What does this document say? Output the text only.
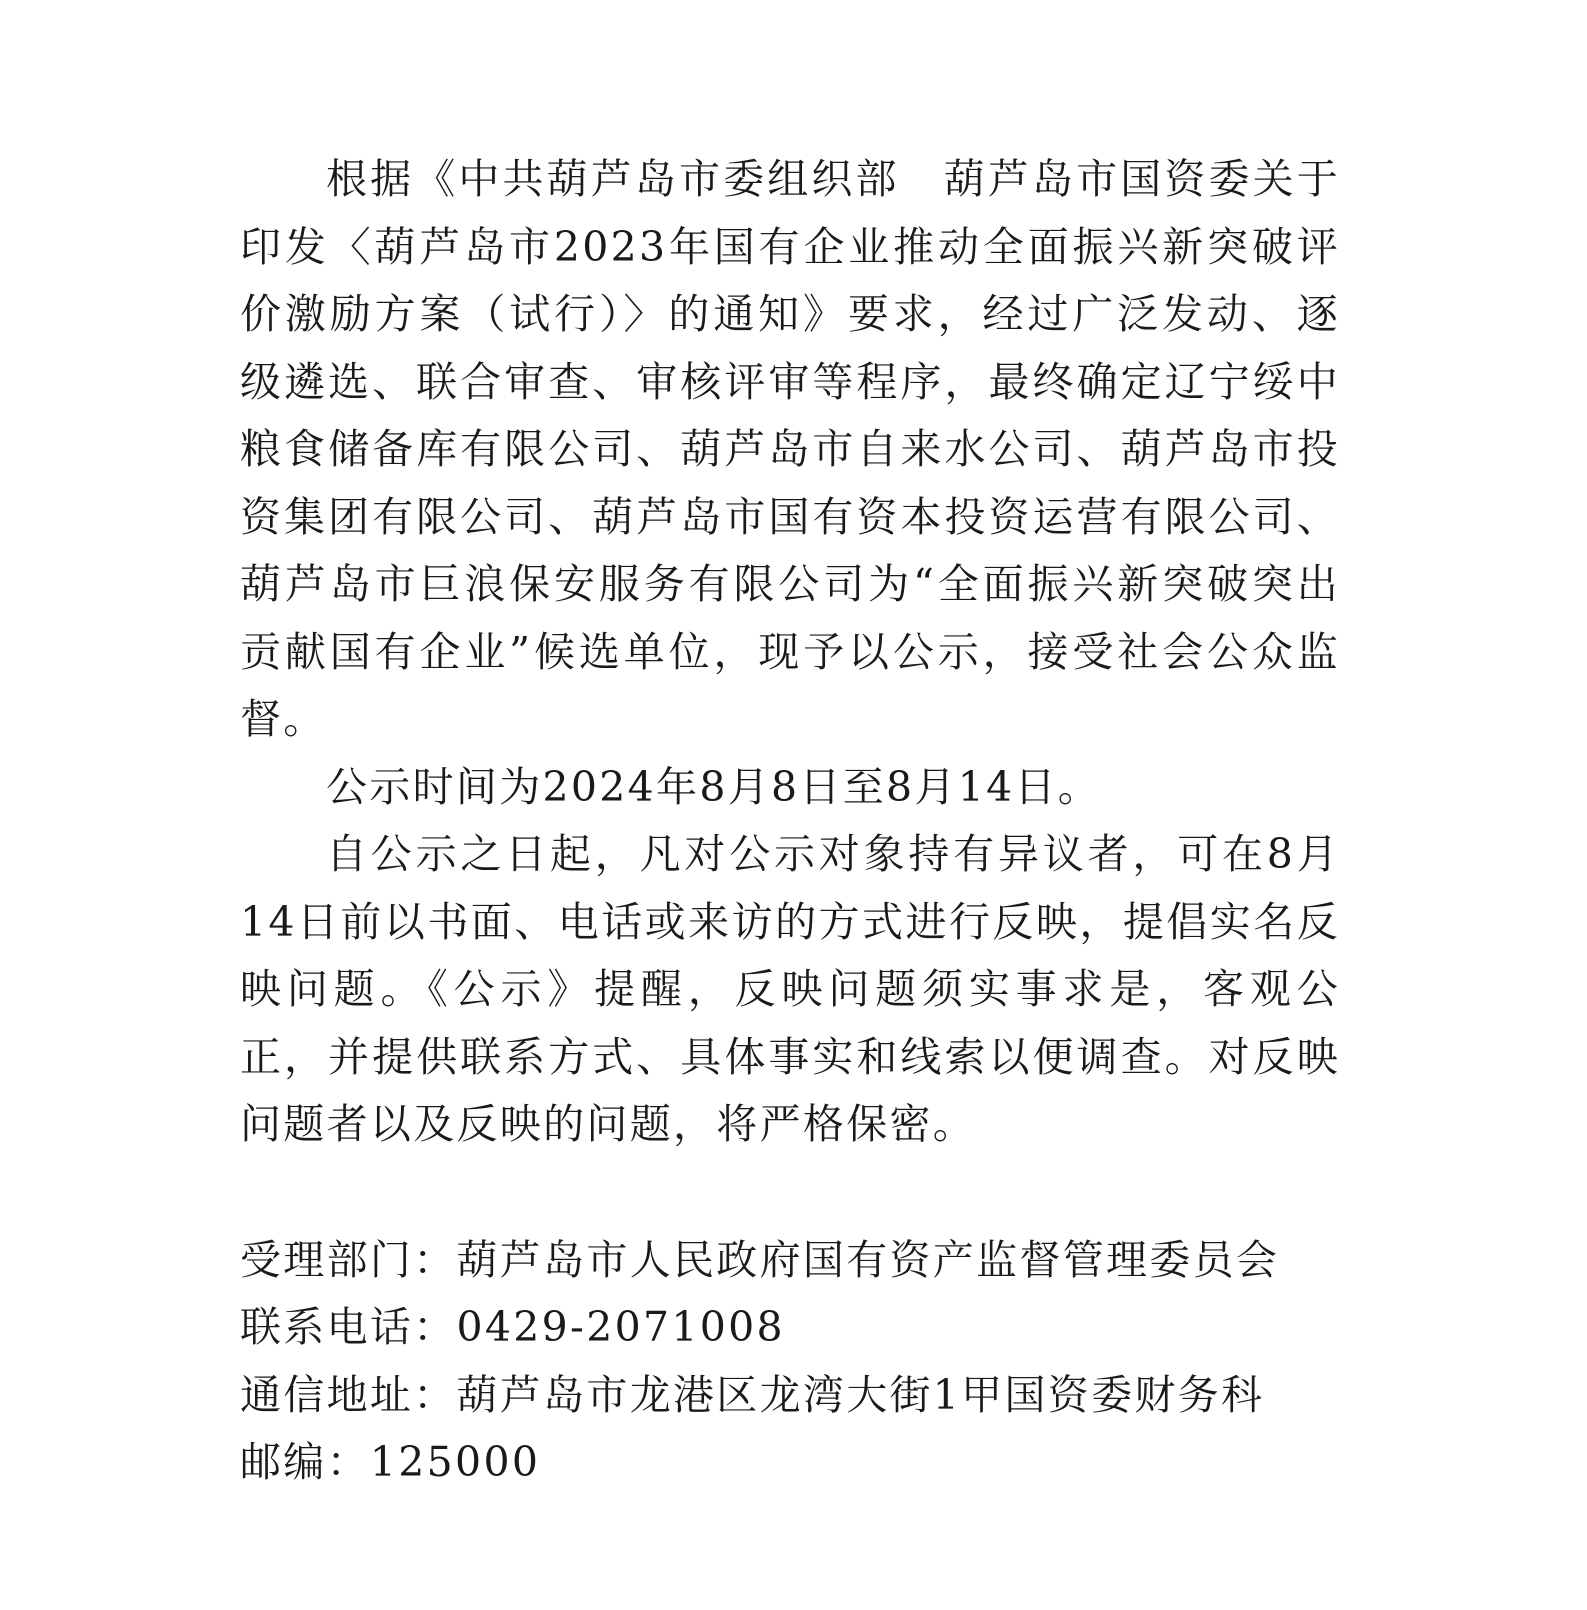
根据《中共葫芦岛市委组织部　葫芦岛市国资委关于印发〈葫芦岛市2023年国有企业推动全面振兴新突破评价激励方案（试行）〉的通知》要求，经过广泛发动、逐级遴选、联合审查、审核评审等程序，最终确定辽宁绥中粮食储备库有限公司、葫芦岛市自来水公司、葫芦岛市投资集团有限公司、葫芦岛市国有资本投资运营有限公司、葫芦岛市巨浪保安服务有限公司为“全面振兴新突破突出贡献国有企业”候选单位，现予以公示，接受社会公众监督。

公示时间为2024年8月8日至8月14日。

自公示之日起，凡对公示对象持有异议者，可在8月14日前以书面、电话或来访的方式进行反映，提倡实名反映问题。《公示》提醒，反映问题须实事求是，客观公正，并提供联系方式、具体事实和线索以便调查。对反映问题者以及反映的问题，将严格保密。

受理部门：葫芦岛市人民政府国有资产监督管理委员会
联系电话：0429-2071008
通信地址：葫芦岛市龙港区龙湾大街1甲国资委财务科
邮编：125000
